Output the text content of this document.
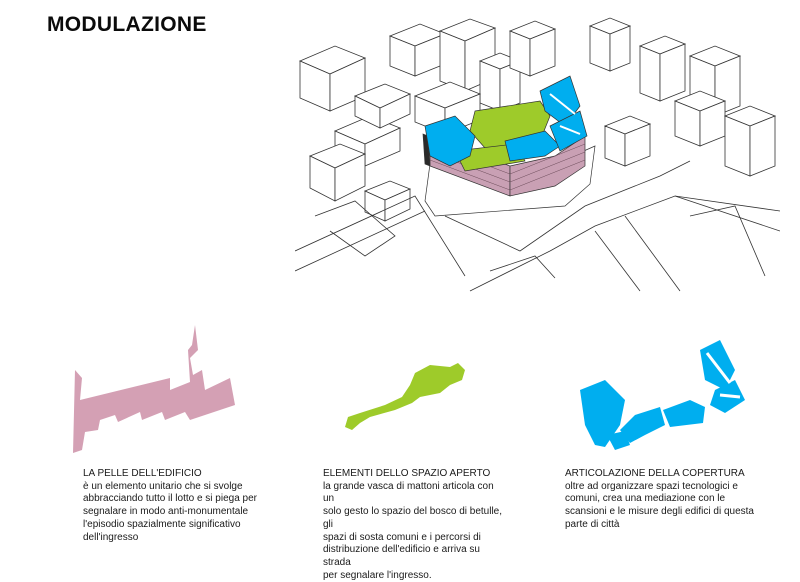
MODULAZIONE
LA PELLE DELL'EDIFICIO
è un elemento unitario che si svolge
abbracciando tutto il lotto e si piega per
segnalare in modo anti-monumentale
l'episodio spazialmente significativo
dell'ingresso
ELEMENTI DELLO SPAZIO APERTO
la grande vasca di mattoni articola con un
solo gesto lo spazio del bosco di betulle, gli
spazi di sosta comuni e i percorsi di
distribuzione dell'edificio e arriva su strada
per segnalare l'ingresso.
ARTICOLAZIONE DELLA COPERTURA
oltre ad organizzare spazi tecnologici e
comuni, crea una mediazione con le
scansioni e le misure degli edifici di questa
parte di città
